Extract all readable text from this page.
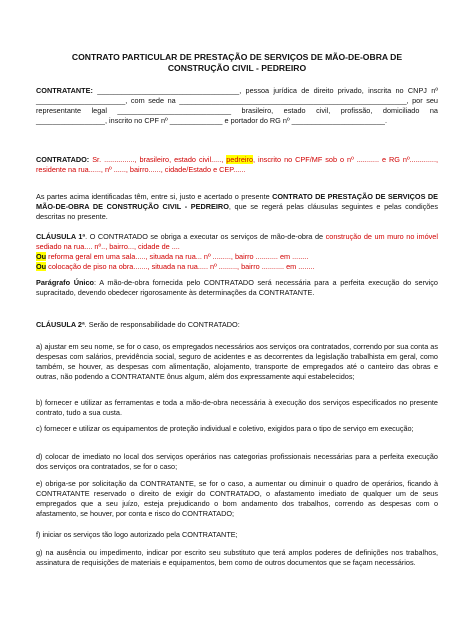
CONTRATO PARTICULAR DE PRESTAÇÃO DE SERVIÇOS DE MÃO-DE-OBRA DE
CONSTRUÇÃO CIVIL - PEDREIRO

CONTRATANTE: ___________________________________, pessoa jurídica de direito privado, inscrita no CNPJ nº ______________________, com sede na ________________________________________________________, por seu representante legal ____________________________ brasileiro, estado civil, profissão, domiciliado na _________________, inscrito no CPF nº _____________ e portador do RG nº _______________________.

CONTRATADO: Sr. ..............., brasileiro, estado civil....., pedreiro, inscrito no CPF/MF sob o nº ........... e RG nº............., residente na rua......, nº ......, bairro......, cidade/Estado e CEP......

As partes acima identificadas têm, entre si, justo e acertado o presente CONTRATO DE PRESTAÇÃO DE SERVIÇOS DE MÃO-DE-OBRA DE CONSTRUÇÃO CIVIL - PEDREIRO, que se regerá pelas cláusulas seguintes e pelas condições descritas no presente.

CLÁUSULA 1ª. O CONTRATADO se obriga a executar os serviços de mão-de-obra de construção de um muro no imóvel sediado na rua.... nº.., bairro..., cidade de ....

Ou reforma geral em uma sala....., situada na rua... nº ........., bairro ........... em ........

Ou colocação de piso na obra......., situada na rua..... nº ........., bairro ........... em ........

Parágrafo Único: A mão-de-obra fornecida pelo CONTRATADO será necessária para a perfeita execução do serviço supracitado, devendo obedecer rigorosamente às determinações da CONTRATANTE.

CLÁUSULA 2ª. Serão de responsabilidade do CONTRATADO:

a) ajustar em seu nome, se for o caso, os empregados necessários aos serviços ora contratados, correndo por sua conta as despesas com salários, previdência social, seguro de acidentes e as decorrentes da legislação trabalhista em geral, como também, se houver, as despesas com alimentação, alojamento, transporte de empregados até o canteiro das obras e outras, não podendo a CONTRATANTE ônus algum, além dos expressamente aqui estabelecidos;

b) fornecer e utilizar as ferramentas e toda a mão-de-obra necessária à execução dos serviços especificados no presente contrato, tudo a sua custa.

c) fornecer e utilizar os equipamentos de proteção individual e coletivo, exigidos para o tipo de serviço em execução;

d) colocar de imediato no local dos serviços operários nas categorias profissionais necessárias para a perfeita execução dos serviços ora contratados, se for o caso;

e) obriga-se por solicitação da CONTRATANTE, se for o caso, a aumentar ou diminuir o quadro de operários, ficando à CONTRATANTE reservado o direito de exigir do CONTRATADO, o afastamento imediato de qualquer um de seus empregados que a seu juízo, esteja prejudicando o bom andamento dos trabalhos, correndo as despesas com o afastamento, se houver, por conta e risco do CONTRATADO;

f) iniciar os serviços tão logo autorizado pela CONTRATANTE;

g) na ausência ou impedimento, indicar por escrito seu substituto que terá amplos poderes de definições nos trabalhos, assinatura de requisições de materiais e equipamentos, bem como de outros documentos que se façam necessários.
